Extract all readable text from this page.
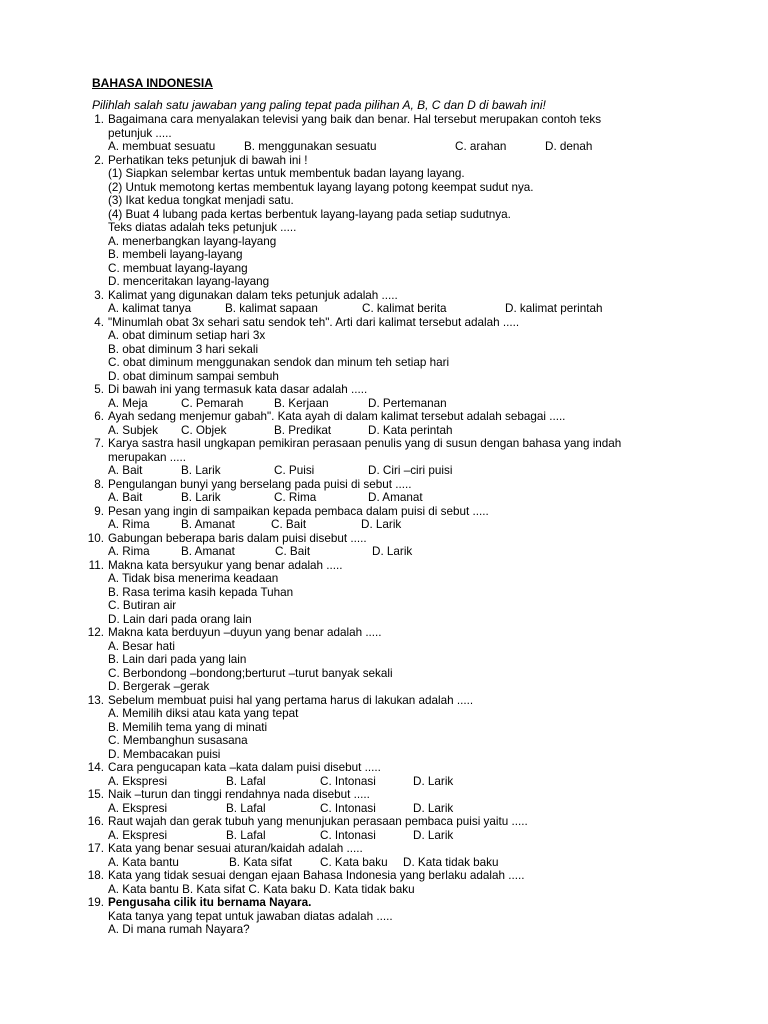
BAHASA INDONESIA
Pilihlah salah satu jawaban yang paling tepat pada pilihan A, B, C dan D di bawah ini!
1. Bagaimana cara menyalakan televisi yang baik dan benar. Hal tersebut merupakan contoh teks
petunjuk .....
A. membuat sesuatu B. menggunakan sesuatu	C. arahan	D. denah
2. Perhatikan teks petunjuk di bawah ini !
(1) Siapkan selembar kertas untuk membentuk badan layang layang.
(2) Untuk memotong kertas membentuk layang layang potong keempat sudut nya.
(3) Ikat kedua tongkat menjadi satu.
(4) Buat 4 lubang pada kertas berbentuk layang-layang pada setiap sudutnya.
Teks diatas adalah teks petunjuk .....
A. menerbangkan layang-layang
B. membeli layang-layang
C. membuat layang-layang
D. menceritakan layang-layang
3. Kalimat yang digunakan dalam teks petunjuk adalah .....
A. kalimat tanya	B. kalimat sapaan	C. kalimat berita	D. kalimat perintah
4. "Minumlah obat 3x sehari satu sendok teh". Arti dari kalimat tersebut adalah .....
A. obat diminum setiap hari 3x
B. obat diminum 3 hari sekali
C. obat diminum menggunakan sendok dan minum teh setiap hari
D. obat diminum sampai sembuh
5. Di bawah ini yang termasuk kata dasar adalah .....
A. Meja	C. Pemarah	B. Kerjaan	D. Pertemanan
6. Ayah sedang menjemur gabah". Kata ayah di dalam kalimat tersebut adalah sebagai .....
A. Subjek C. Objek	B. Predikat	D. Kata perintah
7. Karya sastra hasil ungkapan pemikiran perasaan penulis yang di susun dengan bahasa yang indah
merupakan .....
A. Bait	B. Larik	C. Puisi	D. Ciri –ciri puisi
8. Pengulangan bunyi yang berselang pada puisi di sebut .....
A. Bait	B. Larik	C. Rima	D. Amanat
9. Pesan yang ingin di sampaikan kepada pembaca dalam puisi di sebut .....
A. Rima	B. Amanat	C. Bait	D. Larik
10. Gabungan beberapa baris dalam puisi disebut .....
A. Rima	B. Amanat	C. Bait	D. Larik
11. Makna kata bersyukur yang benar adalah .....
A. Tidak bisa menerima keadaan
B. Rasa terima kasih kepada Tuhan
C. Butiran air
D. Lain dari pada orang lain
12. Makna kata berduyun –duyun yang benar adalah .....
A. Besar hati
B. Lain dari pada yang lain
C. Berbondong –bondong;berturut –turut banyak sekali
D. Bergerak –gerak
13. Sebelum membuat puisi hal yang pertama harus di lakukan adalah .....
A. Memilih diksi atau kata yang tepat
B. Memilih tema yang di minati
C. Membanghun susasana
D. Membacakan puisi
14. Cara pengucapan kata –kata dalam puisi disebut .....
A. Ekspresi	B. Lafal	C. Intonasi	D. Larik
15. Naik –turun dan tinggi rendahnya nada disebut .....
A. Ekspresi	B. Lafal	C. Intonasi	D. Larik
16. Raut wajah dan gerak tubuh yang menunjukan perasaan pembaca puisi yaitu .....
A. Ekspresi	B. Lafal	C. Intonasi	D. Larik
17. Kata yang benar sesuai aturan/kaidah adalah .....
A. Kata bantu	B. Kata sifat C. Kata baku D. Kata tidak baku
18. Kata yang tidak sesuai dengan ejaan Bahasa Indonesia yang berlaku adalah .....
A. Kata bantu B. Kata sifat C. Kata baku D. Kata tidak baku
19. Pengusaha cilik itu bernama Nayara.
Kata tanya yang tepat untuk jawaban diatas adalah .....
A. Di mana rumah Nayara?
